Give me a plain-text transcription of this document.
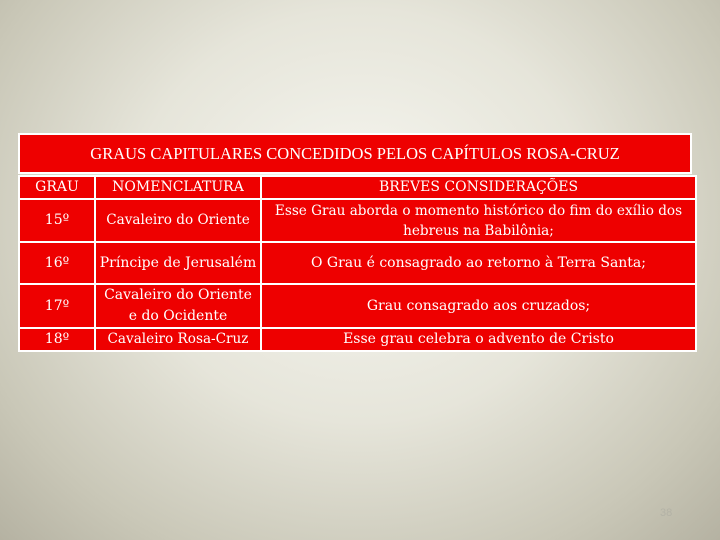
GRAUS CAPITULARES CONCEDIDOS PELOS CAPÍTULOS ROSA-CRUZ
GRAU	NOMENCLATURA	BREVES CONSIDERAÇÕES
15º	Cavaleiro do Oriente	Esse Grau aborda o momento histórico do fim do exílio dos hebreus na Babilônia;
16º	Príncipe de Jerusalém	O Grau é consagrado ao retorno à Terra Santa;
17º	Cavaleiro do Oriente e do Ocidente	Grau consagrado aos cruzados;
18º	Cavaleiro Rosa-Cruz	Esse grau celebra o advento de Cristo
38
